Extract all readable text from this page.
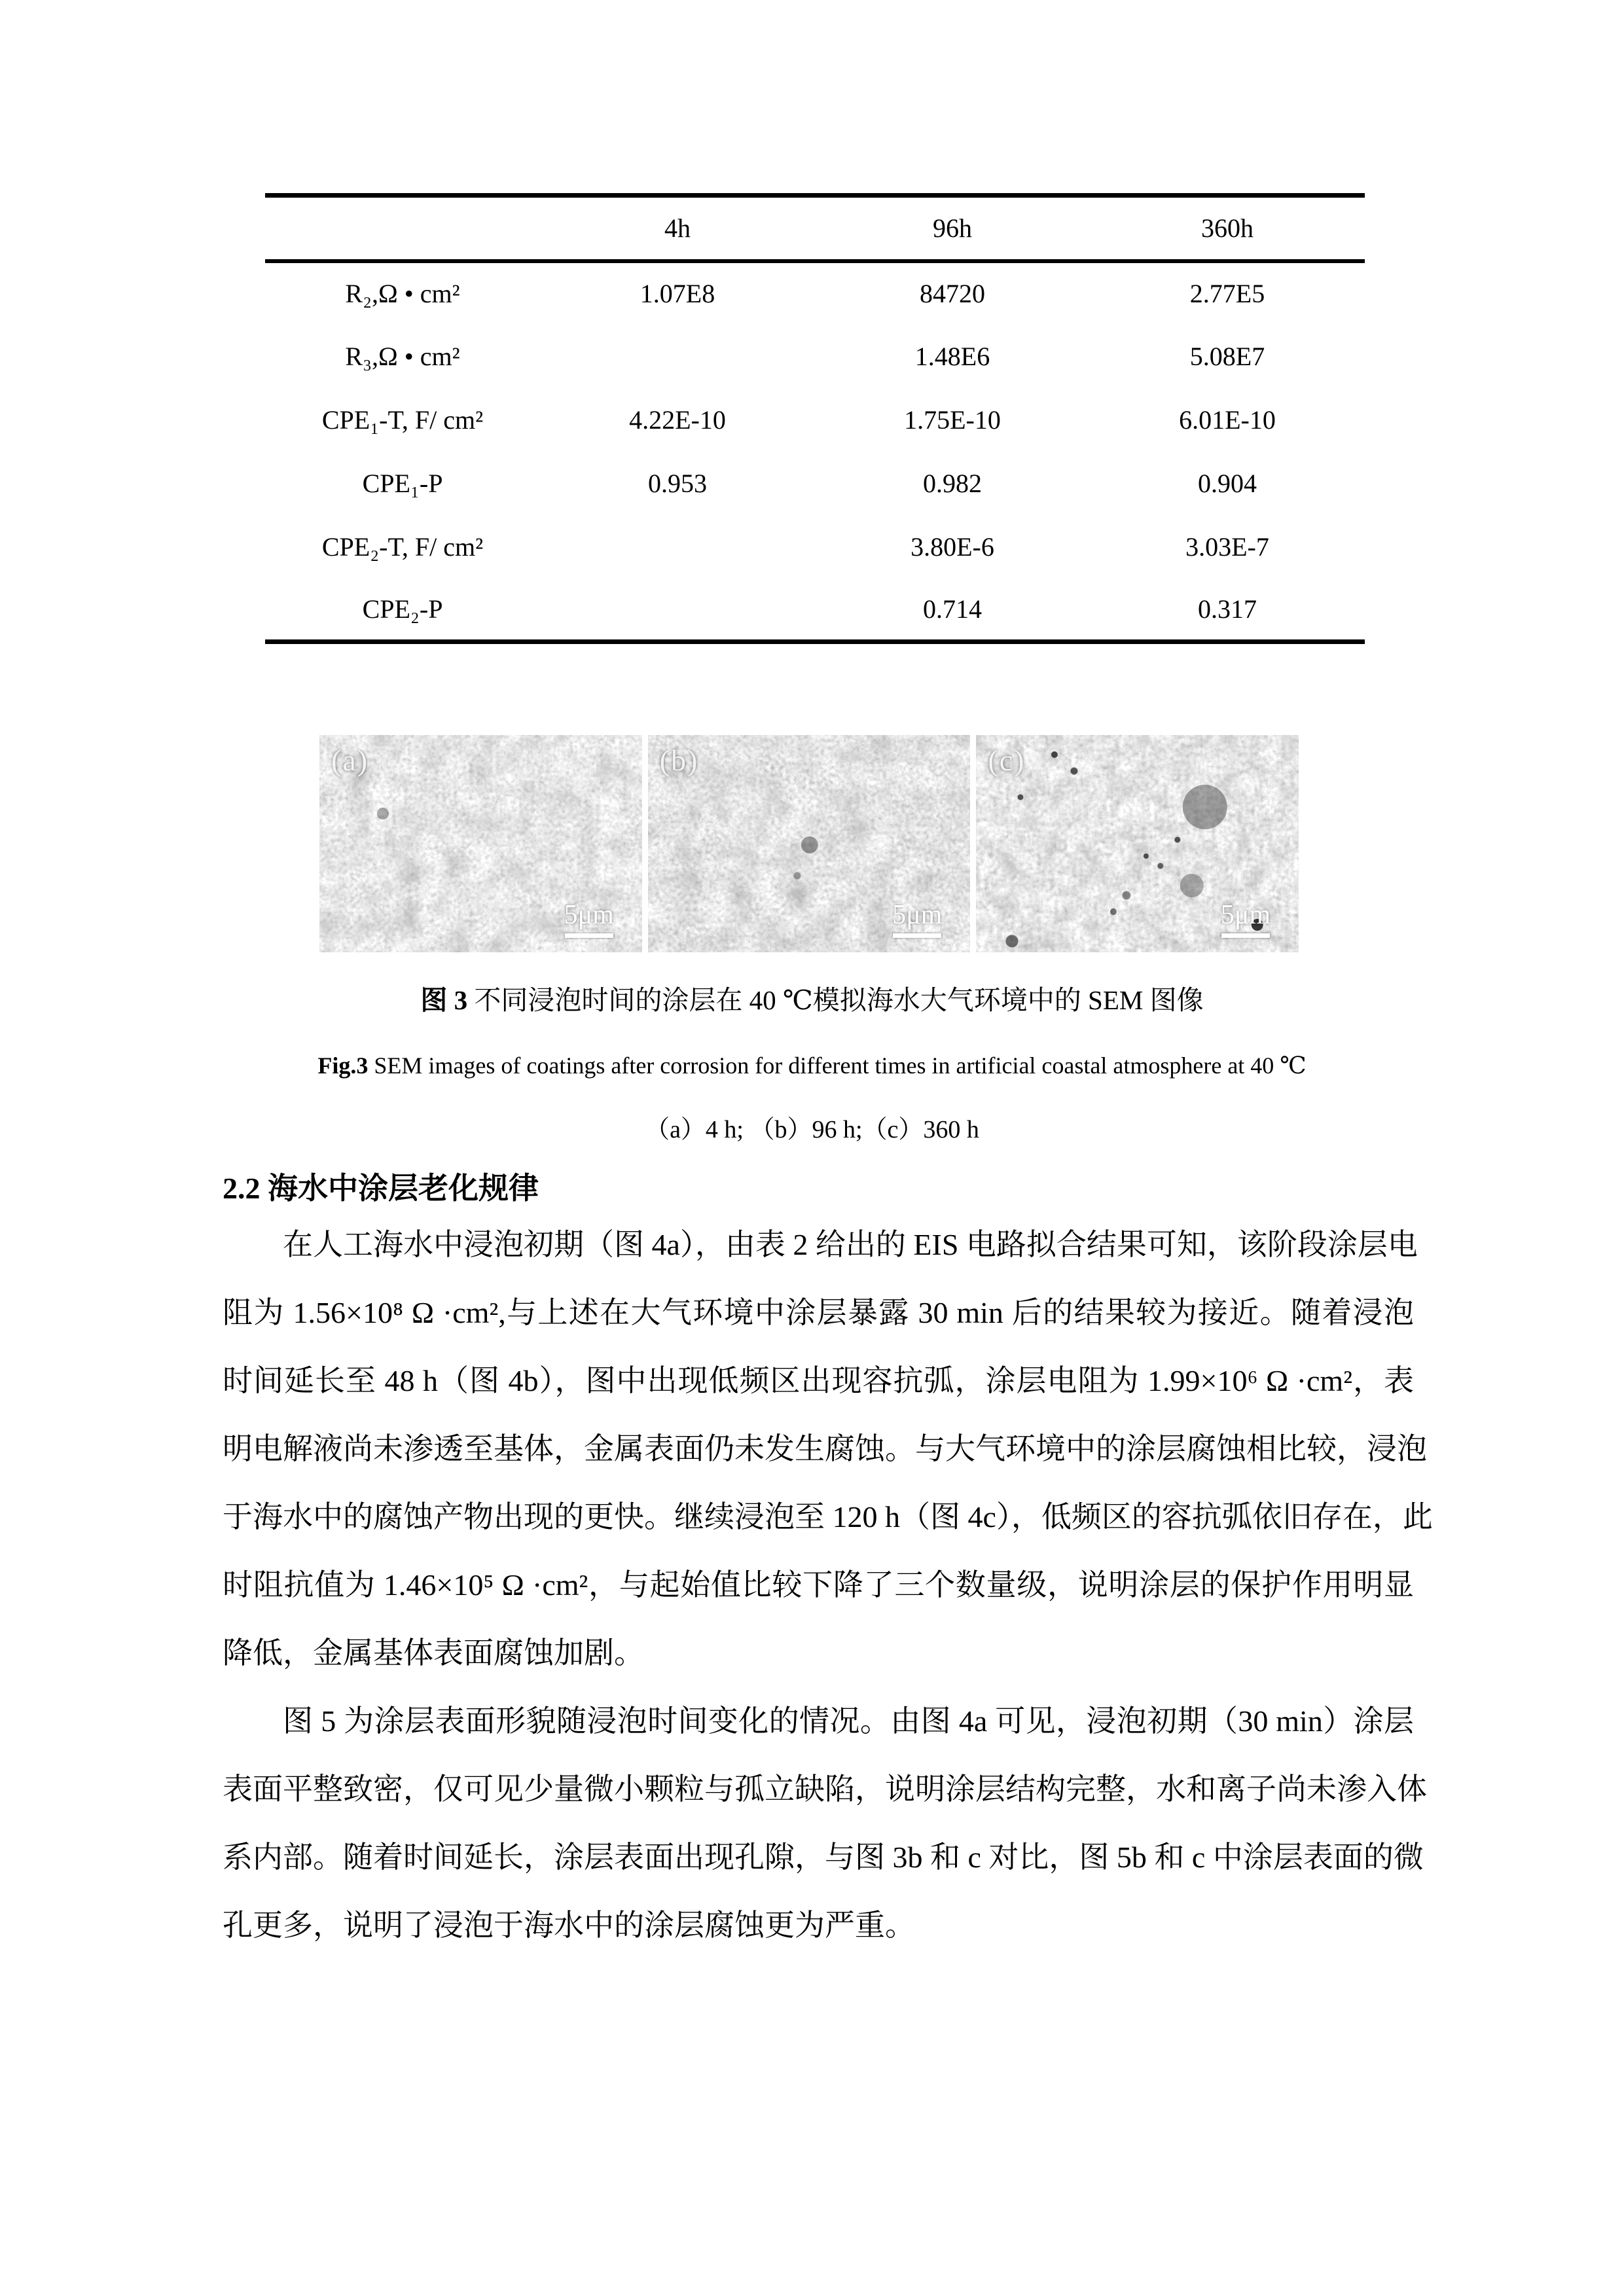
	4h	96h	360h
R₂,Ω • cm²	1.07E8	84720	2.77E5
R₃,Ω • cm²		1.48E6	5.08E7
CPE₁-T, F/ cm²	4.22E-10	1.75E-10	6.01E-10
CPE₁-P	0.953	0.982	0.904
CPE₂-T, F/ cm²		3.80E-6	3.03E-7
CPE₂-P		0.714	0.317
(a)
5μm
(b)
5μm
(c)
5μm
图 3 不同浸泡时间的涂层在 40 ℃模拟海水大气环境中的 SEM 图像
Fig.3 SEM images of coatings after corrosion for different times in artificial coastal atmosphere at 40 ℃
（a）4 h; （b）96 h;（c）360 h
2.2 海水中涂层老化规律
在人工海水中浸泡初期（图 4a），由表 2 给出的 EIS 电路拟合结果可知，该阶段涂层电
阻为 1.56×10⁸ Ω ·cm²,与上述在大气环境中涂层暴露 30 min 后的结果较为接近。随着浸泡
时间延长至 48 h（图 4b），图中出现低频区出现容抗弧，涂层电阻为 1.99×10⁶ Ω ·cm²，表
明电解液尚未渗透至基体，金属表面仍未发生腐蚀。与大气环境中的涂层腐蚀相比较，浸泡
于海水中的腐蚀产物出现的更快。继续浸泡至 120 h（图 4c），低频区的容抗弧依旧存在，此
时阻抗值为 1.46×10⁵ Ω ·cm²，与起始值比较下降了三个数量级，说明涂层的保护作用明显
降低，金属基体表面腐蚀加剧。
图 5 为涂层表面形貌随浸泡时间变化的情况。由图 4a 可见，浸泡初期（30 min）涂层
表面平整致密，仅可见少量微小颗粒与孤立缺陷，说明涂层结构完整，水和离子尚未渗入体
系内部。随着时间延长，涂层表面出现孔隙，与图 3b 和 c 对比，图 5b 和 c 中涂层表面的微
孔更多，说明了浸泡于海水中的涂层腐蚀更为严重。
